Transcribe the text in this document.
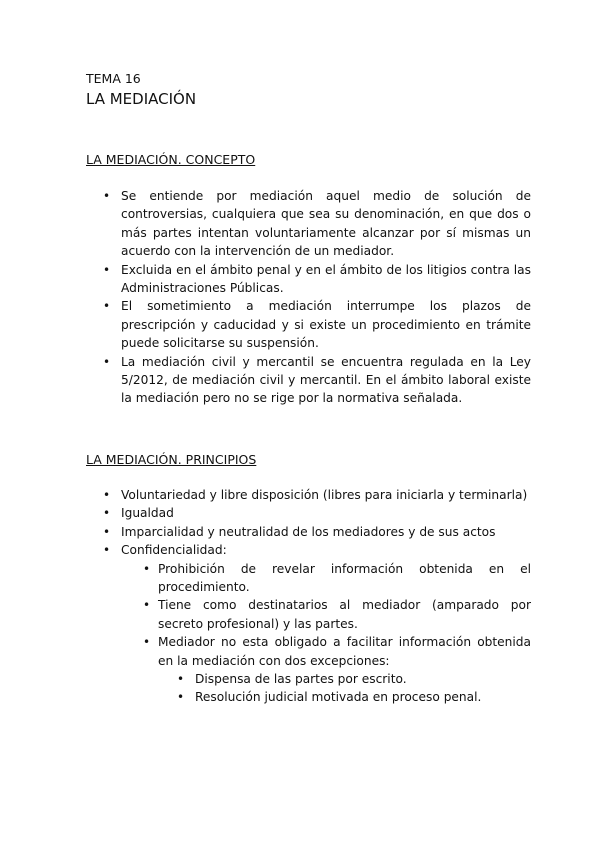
TEMA 16
LA MEDIACIÓN
LA MEDIACIÓN. CONCEPTO
• Se entiende por mediación aquel medio de solución de controversias, cualquiera que sea su denominación, en que dos o más partes intentan voluntariamente alcanzar por sí mismas un acuerdo con la intervención de un mediador.
• Excluida en el ámbito penal y en el ámbito de los litigios contra las Administraciones Públicas.
• El sometimiento a mediación interrumpe los plazos de prescripción y caducidad y si existe un procedimiento en trámite puede solicitarse su suspensión.
• La mediación civil y mercantil se encuentra regulada en la Ley 5/2012, de mediación civil y mercantil. En el ámbito laboral existe la mediación pero no se rige por la normativa señalada.
LA MEDIACIÓN. PRINCIPIOS
• Voluntariedad y libre disposición (libres para iniciarla y terminarla)
• Igualdad
• Imparcialidad y neutralidad de los mediadores y de sus actos
• Confidencialidad:
• Prohibición de revelar información obtenida en el procedimiento.
• Tiene como destinatarios al mediador (amparado por secreto profesional) y las partes.
• Mediador no esta obligado a facilitar información obtenida en la mediación con dos excepciones:
• Dispensa de las partes por escrito.
• Resolución judicial motivada en proceso penal.
